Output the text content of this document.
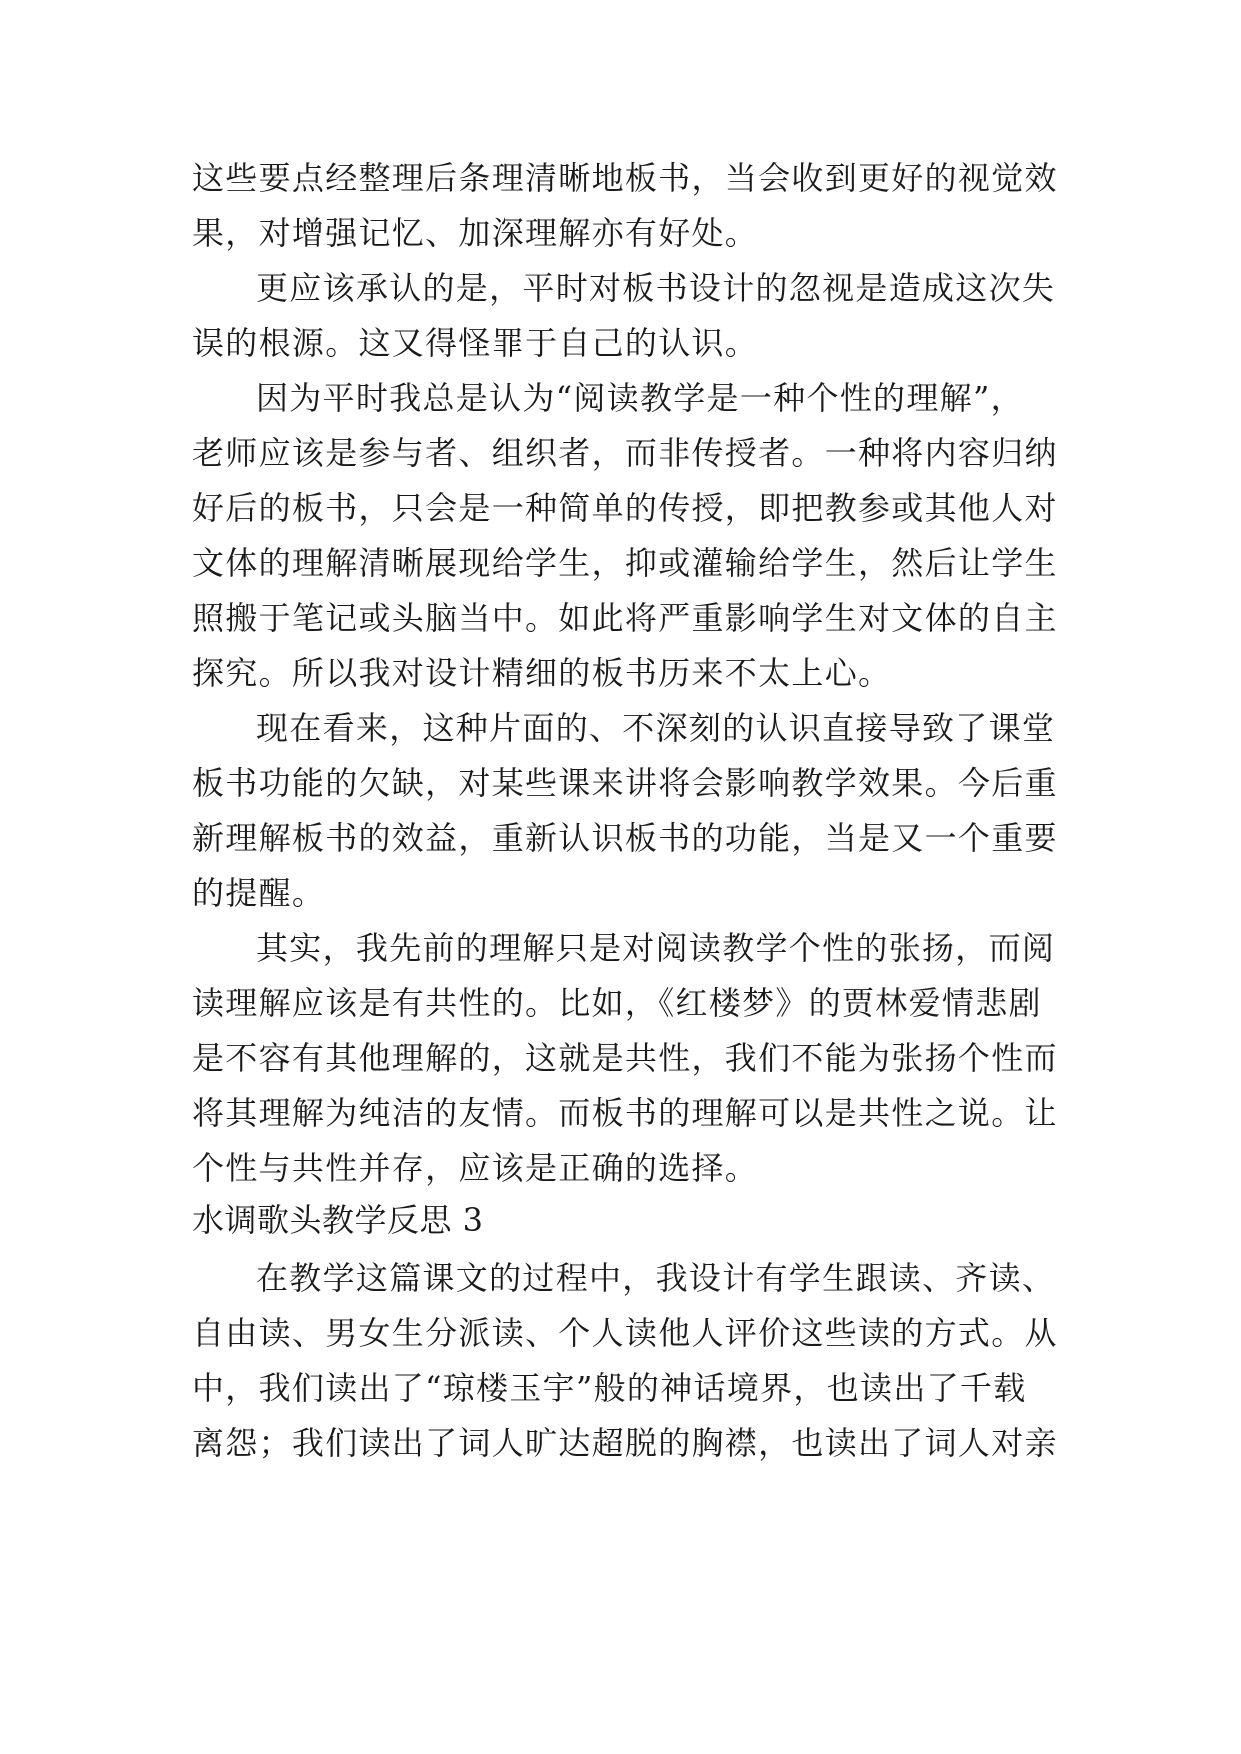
这些要点经整理后条理清晰地板书，当会收到更好的视觉效
果，对增强记忆、加深理解亦有好处。
更应该承认的是，平时对板书设计的忽视是造成这次失
误的根源。这又得怪罪于自己的认识。
因为平时我总是认为“阅读教学是一种个性的理解”，
老师应该是参与者、组织者，而非传授者。一种将内容归纳
好后的板书，只会是一种简单的传授，即把教参或其他人对
文体的理解清晰展现给学生，抑或灌输给学生，然后让学生
照搬于笔记或头脑当中。如此将严重影响学生对文体的自主
探究。所以我对设计精细的板书历来不太上心。
现在看来，这种片面的、不深刻的认识直接导致了课堂
板书功能的欠缺，对某些课来讲将会影响教学效果。今后重
新理解板书的效益，重新认识板书的功能，当是又一个重要
的提醒。
其实，我先前的理解只是对阅读教学个性的张扬，而阅
读理解应该是有共性的。比如，《红楼梦》的贾林爱情悲剧
是不容有其他理解的，这就是共性，我们不能为张扬个性而
将其理解为纯洁的友情。而板书的理解可以是共性之说。让
个性与共性并存，应该是正确的选择。
水调歌头教学反思 3
在教学这篇课文的过程中，我设计有学生跟读、齐读、
自由读、男女生分派读、个人读他人评价这些读的方式。从
中，我们读出了“琼楼玉宇”般的神话境界，也读出了千载
离怨；我们读出了词人旷达超脱的胸襟，也读出了词人对亲
